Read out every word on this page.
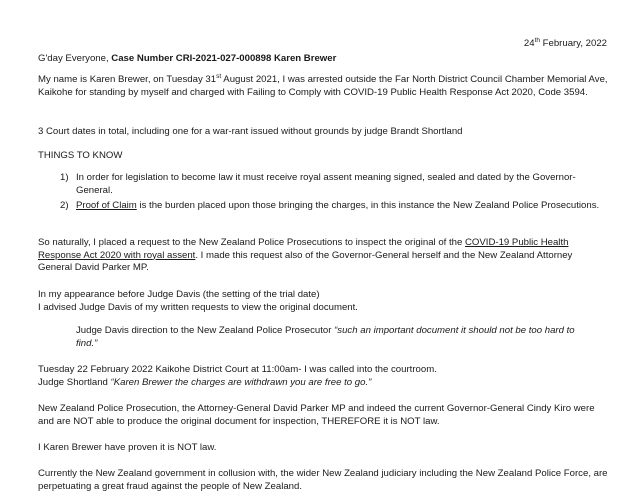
24th February, 2022

G'day Everyone, Case Number CRI-2021-027-000898 Karen Brewer

My name is Karen Brewer, on Tuesday 31st August 2021, I was arrested outside the Far North District Council Chamber Memorial Ave, Kaikohe for standing by myself and charged with Failing to Comply with COVID-19 Public Health Response Act 2020, Code 3594.

3 Court dates in total, including one for a war-rant issued without grounds by judge Brandt Shortland

THINGS TO KNOW

1) In order for legislation to become law it must receive royal assent meaning signed, sealed and dated by the Governor-General.
2) Proof of Claim is the burden placed upon those bringing the charges, in this instance the New Zealand Police Prosecutions.

So naturally, I placed a request to the New Zealand Police Prosecutions to inspect the original of the COVID-19 Public Health Response Act 2020 with royal assent. I made this request also of the Governor-General herself and the New Zealand Attorney General David Parker MP.

In my appearance before Judge Davis (the setting of the trial date)
I advised Judge Davis of my written requests to view the original document.

Judge Davis direction to the New Zealand Police Prosecutor “such an important document it should not be too hard to find.”

Tuesday 22 February 2022 Kaikohe District Court at 11:00am- I was called into the courtroom.
Judge Shortland “Karen Brewer the charges are withdrawn you are free to go.”

New Zealand Police Prosecution, the Attorney-General David Parker MP and indeed the current Governor-General Cindy Kiro were and are NOT able to produce the original document for inspection, THEREFORE it is NOT law.

I Karen Brewer have proven it is NOT law.

Currently the New Zealand government in collusion with, the wider New Zealand judiciary including the New Zealand Police Force, are perpetuating a great fraud against the people of New Zealand.
